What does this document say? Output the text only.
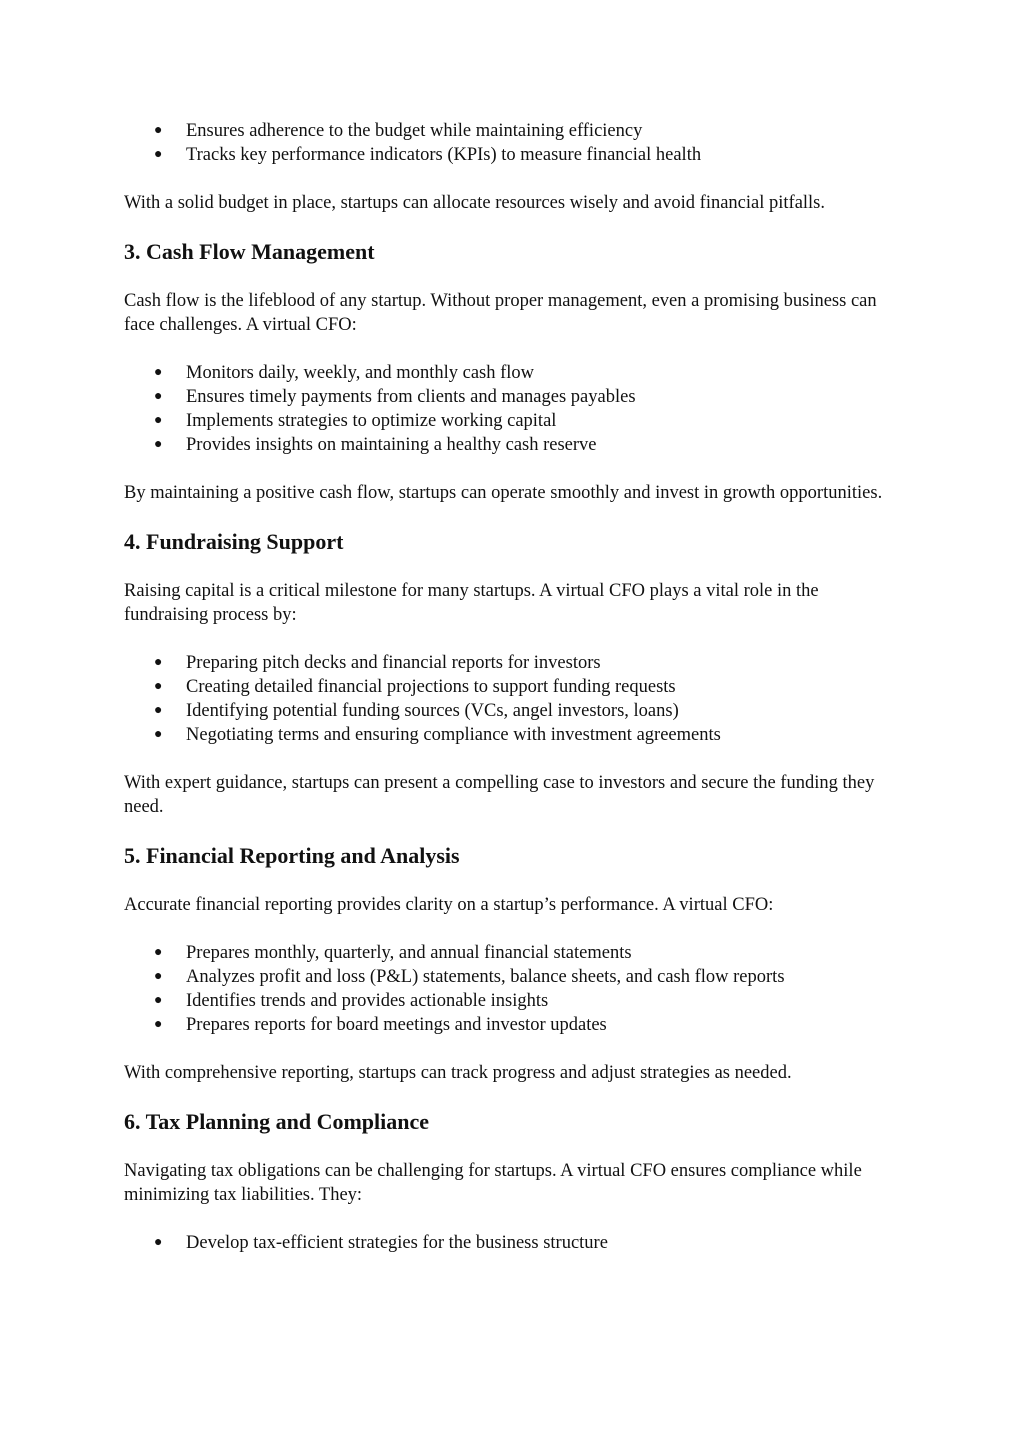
● Ensures adherence to the budget while maintaining efficiency
● Tracks key performance indicators (KPIs) to measure financial health

With a solid budget in place, startups can allocate resources wisely and avoid financial pitfalls.

3. Cash Flow Management

Cash flow is the lifeblood of any startup. Without proper management, even a promising business can face challenges. A virtual CFO:

● Monitors daily, weekly, and monthly cash flow
● Ensures timely payments from clients and manages payables
● Implements strategies to optimize working capital
● Provides insights on maintaining a healthy cash reserve

By maintaining a positive cash flow, startups can operate smoothly and invest in growth opportunities.

4. Fundraising Support

Raising capital is a critical milestone for many startups. A virtual CFO plays a vital role in the fundraising process by:

● Preparing pitch decks and financial reports for investors
● Creating detailed financial projections to support funding requests
● Identifying potential funding sources (VCs, angel investors, loans)
● Negotiating terms and ensuring compliance with investment agreements

With expert guidance, startups can present a compelling case to investors and secure the funding they need.

5. Financial Reporting and Analysis

Accurate financial reporting provides clarity on a startup’s performance. A virtual CFO:

● Prepares monthly, quarterly, and annual financial statements
● Analyzes profit and loss (P&L) statements, balance sheets, and cash flow reports
● Identifies trends and provides actionable insights
● Prepares reports for board meetings and investor updates

With comprehensive reporting, startups can track progress and adjust strategies as needed.

6. Tax Planning and Compliance

Navigating tax obligations can be challenging for startups. A virtual CFO ensures compliance while minimizing tax liabilities. They:

● Develop tax-efficient strategies for the business structure
